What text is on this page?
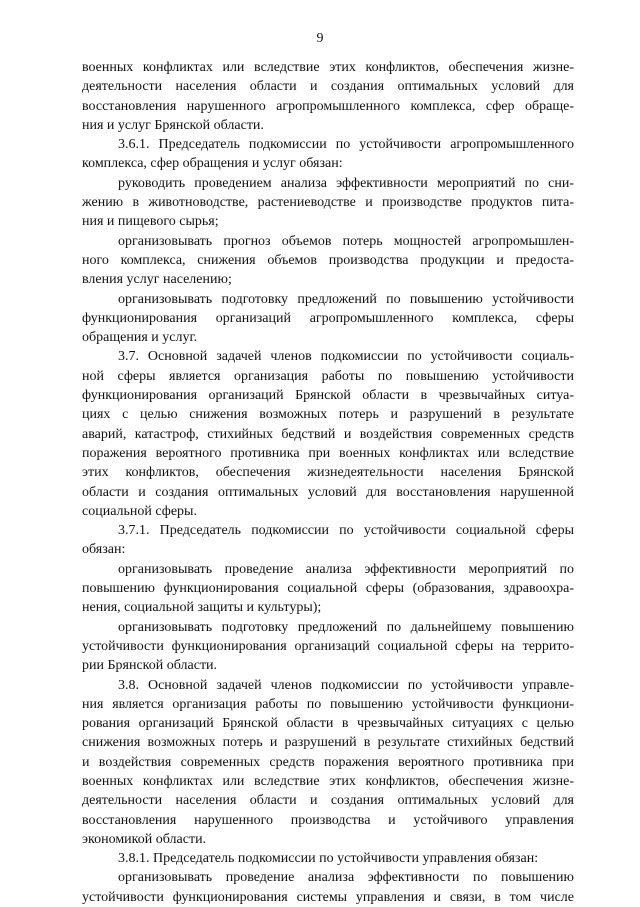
9
военных конфликтах или вследствие этих конфликтов, обеспечения жизне-
деятельности населения области и создания оптимальных условий для
восстановления нарушенного агропромышленного комплекса, сфер обраще-
ния и услуг Брянской области.
3.6.1. Председатель подкомиссии по устойчивости агропромышленного
комплекса, сфер обращения и услуг обязан:
руководить проведением анализа эффективности мероприятий по сни-
жению в животноводстве, растениеводстве и производстве продуктов пита-
ния и пищевого сырья;
организовывать прогноз объемов потерь мощностей агропромышлен-
ного комплекса, снижения объемов производства продукции и предоста-
вления услуг населению;
организовывать подготовку предложений по повышению устойчивости
функционирования организаций агропромышленного комплекса, сферы
обращения и услуг.
3.7. Основной задачей членов подкомиссии по устойчивости социаль-
ной сферы является организация работы по повышению устойчивости
функционирования организаций Брянской области в чрезвычайных ситуа-
циях с целью снижения возможных потерь и разрушений в результате
аварий, катастроф, стихийных бедствий и воздействия современных средств
поражения вероятного противника при военных конфликтах или вследствие
этих конфликтов, обеспечения жизнедеятельности населения Брянской
области и создания оптимальных условий для восстановления нарушенной
социальной сферы.
3.7.1. Председатель подкомиссии по устойчивости социальной сферы
обязан:
организовывать проведение анализа эффективности мероприятий по
повышению функционирования социальной сферы (образования, здравоохра-
нения, социальной защиты и культуры);
организовывать подготовку предложений по дальнейшему повышению
устойчивости функционирования организаций социальной сферы на террито-
рии Брянской области.
3.8. Основной задачей членов подкомиссии по устойчивости управле-
ния является организация работы по повышению устойчивости функциони-
рования организаций Брянской области в чрезвычайных ситуациях с целью
снижения возможных потерь и разрушений в результате стихийных бедствий
и воздействия современных средств поражения вероятного противника при
военных конфликтах или вследствие этих конфликтов, обеспечения жизне-
деятельности населения области и создания оптимальных условий для
восстановления нарушенного производства и устойчивого управления
экономикой области.
3.8.1. Председатель подкомиссии по устойчивости управления обязан:
организовывать проведение анализа эффективности по повышению
устойчивости функционирования системы управления и связи, в том числе
